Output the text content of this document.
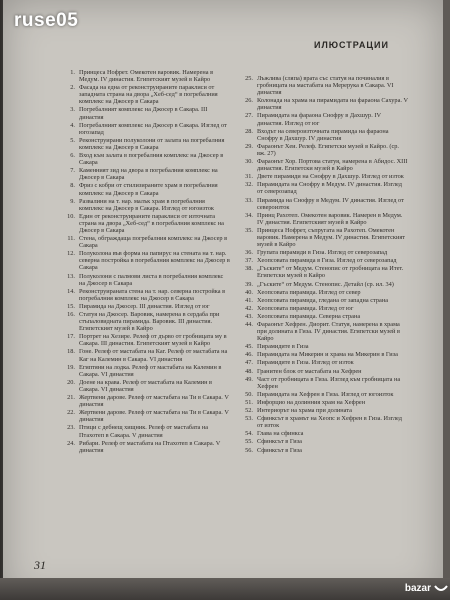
ruse05
ИЛЮСТРАЦИИ
1. Принцеса Нофрет. Омекотен варовик. Намерена в Медум. IV династия. Египетският музей в Кайро
2. Фасада на една от реконструираните параклиси от западната страна на двора „Хеб-сед“ в погребалния комплекс на Джосер в Сакара
3. Погребалният комплекс на Джосер в Сакара. III династия
4. Погребалният комплекс на Джосер в Сакара. Изглед от югозапад
5. Реконструирани полуколони от залата на погребалния комплекс на Джосер в Сакара
6. Вход към залата в погребалния комплекс на Джосер в Сакара
7. Каменният зид на двора в погребалния комплекс на Джосер в Сакара
8. Фриз с кобри от стилизираните храм в погребалния комплекс на Джосер в Сакара
9. Развалини на т. нар. малък храм в погребалния комплекс на Джосер в Сакара. Изглед от югоизток
10. Един от реконструираните параклиси от източната страна на двора „Хеб-сед“ в погребалния комплекс на Джосер в Сакара
11. Стена, обграждаща погребалния комплекс на Джосер в Сакара
12. Полуколона във форма на папирус на стената на т. нар. северна постройка в погребалния комплекс на Джосер в Сакара
13. Полуколони с палмови листа в погребалния комплекс на Джосер в Сакара
14. Реконструираната стена на т. нар. северна постройка в погребалния комплекс на Джосер в Сакара
15. Пирамида на Джосер. III династия. Изглед от юг
16. Статуя на Джосер. Варовик, намерена в сердаба при стъпаловидната пирамида. Варовик. III династия. Египетският музей в Кайро
17. Портрет на Хезире. Релеф от дърво от гробницата му в Сакара. III династия. Египетският музей в Кайро
18. Гоне. Релеф от мастабата на Каг. Релеф от мастабата на Каг на Калемин в Сакара. VI династия
19. Египтяни на лодка. Релеф от мастабата на Калемин в Сакара. VI династия
20. Доене на крава. Релеф от мастабата на Калемин в Сакара. VI династия
21. Жертвени дарове. Релеф от мастабата на Ти в Сакара. V династия
22. Жертвени дарове. Релеф от мастабата на Ти в Сакара. V династия
23. Птици с дебнещ хищник. Релеф от мастабата на Птахотеп в Сакара. V династия
24. Рибари. Релеф от мастабата на Птахотеп в Сакара. V династия
25. Лъжлива (сляпа) врата със статуя на починалия в гробницата на мастабата на Мерерука в Сакара. VI династия
26. Колонада на храма на пирамидата на фараона Сахура. V династия
27. Пирамидата на фараона Снофру в Дахшур. IV династия. Изглед от юг
28. Входът на североизточната пирамида на фараона Снофру в Дахшур. IV династия
29. Фараонът Хеи. Релеф. Египетски музей в Кайро. (ср. вж. 27)
30. Фараонът Хор. Портова статуя, намерена в Абидос. XIII династия. Египетски музей в Кайро
31. Двете пирамиди на Снофру в Дахшур. Изглед от изток
32. Пирамидата на Снофру в Медум. IV династия. Изглед от северозапад
33. Пирамида на Снофру в Медум. IV династия. Изглед от североизток
34. Принц Рахотеп. Омекотен варовик. Намерен в Медум. IV династия. Египетският музей в Кайро
35. Принцеса Нофрет, съпругата на Рахотеп. Омекотен варовик. Намерена в Медум. IV династия. Египетският музей в Кайро
36. Групата пирамиди в Гиза. Изглед от северозапад
37. Хеопсовата пирамида в Гиза. Изглед от северозапад
38. „Гъските“ от Медум. Стенопис от гробницата на Итет. Египетски музей в Кайро
39. „Гъските“ от Медум. Стенопис. Детайл (ср. ил. 34)
40. Хеопсовата пирамида. Изглед от север
41. Хеопсовата пирамида, гледана от западна страна
42. Хеопсовата пирамида. Изглед от юг
43. Хеопсовата пирамида. Северна страна
44. Фараонът Хефрен. Диорит. Статуя, намерена в храма при долината в Гиза. IV династия. Египетски музей в Кайро
45. Пирамидите в Гиза
46. Пирамидата на Микерин и храма на Микерин в Гиза
47. Пирамидите в Гиза. Изглед от изток
48. Гранитен блок от мастабата на Хефрен
49. Част от гробницата в Гиза. Изглед към гробницата на Хефрен
50. Пирамидата на Хефрен в Гиза. Изглед от югоизток
51. Инфорцио на долинния храм на Хефрен
52. Интериорът на храма при долината
53. Сфинксът в храмът на Хеопс и Хефрен в Гиза. Изглед от изток
54. Глава на сфинкса
55. Сфинксът в Гиза
56. Сфинксът в Гиза
31
bazar
